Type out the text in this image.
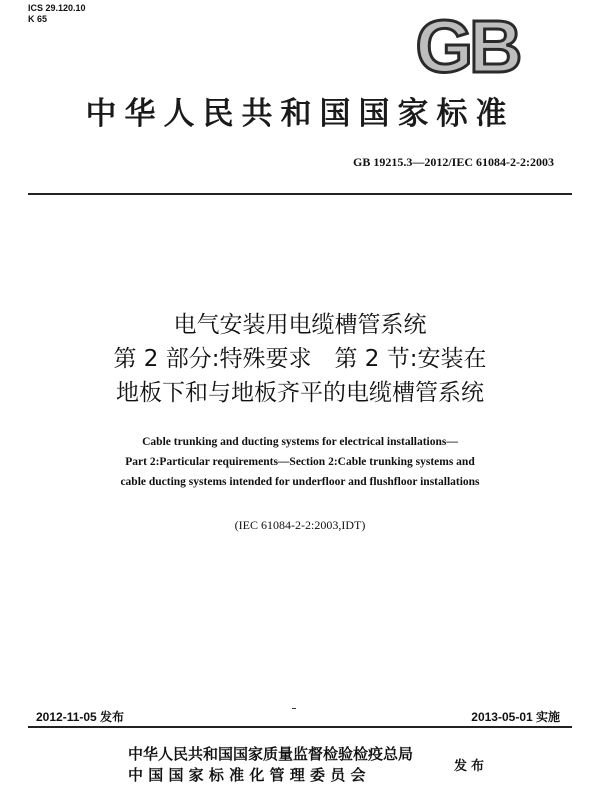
ICS 29.120.10
K 65	GB
中华人民共和国国家标准
GB 19215.3—2012/IEC 61084-2-2:2003
电气安装用电缆槽管系统
第 2 部分:特殊要求　第 2 节:安装在
地板下和与地板齐平的电缆槽管系统
Cable trunking and ducting systems for electrical installations—
Part 2:Particular requirements—Section 2:Cable trunking systems and
cable ducting systems intended for underfloor and flushfloor installations
(IEC 61084-2-2:2003,IDT)
2012-11-05 发布	2013-05-01 实施
中华人民共和国国家质量监督检验检疫总局
中 国 国 家 标 准 化 管 理 委 员 会	发布
